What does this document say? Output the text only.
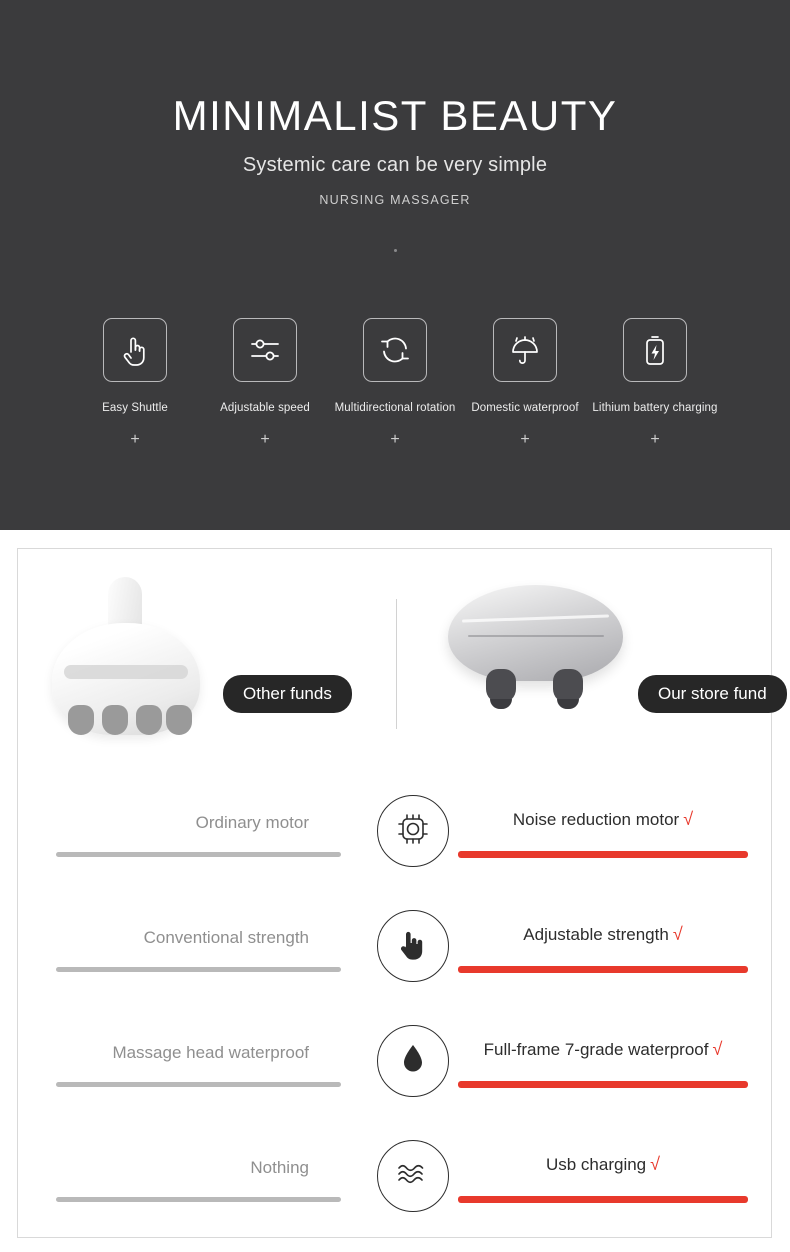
MINIMALIST BEAUTY
Systemic care can be very simple
NURSING MASSAGER
Easy Shuttle
+
Adjustable speed
+
Multidirectional rotation
+
Domestic waterproof
+
Lithium battery charging
+
Other funds	Our store fund
Ordinary motor	Noise reduction motor √
Conventional strength	Adjustable strength √
Massage head waterproof	Full-frame 7-grade waterproof √
Nothing	Usb charging √
